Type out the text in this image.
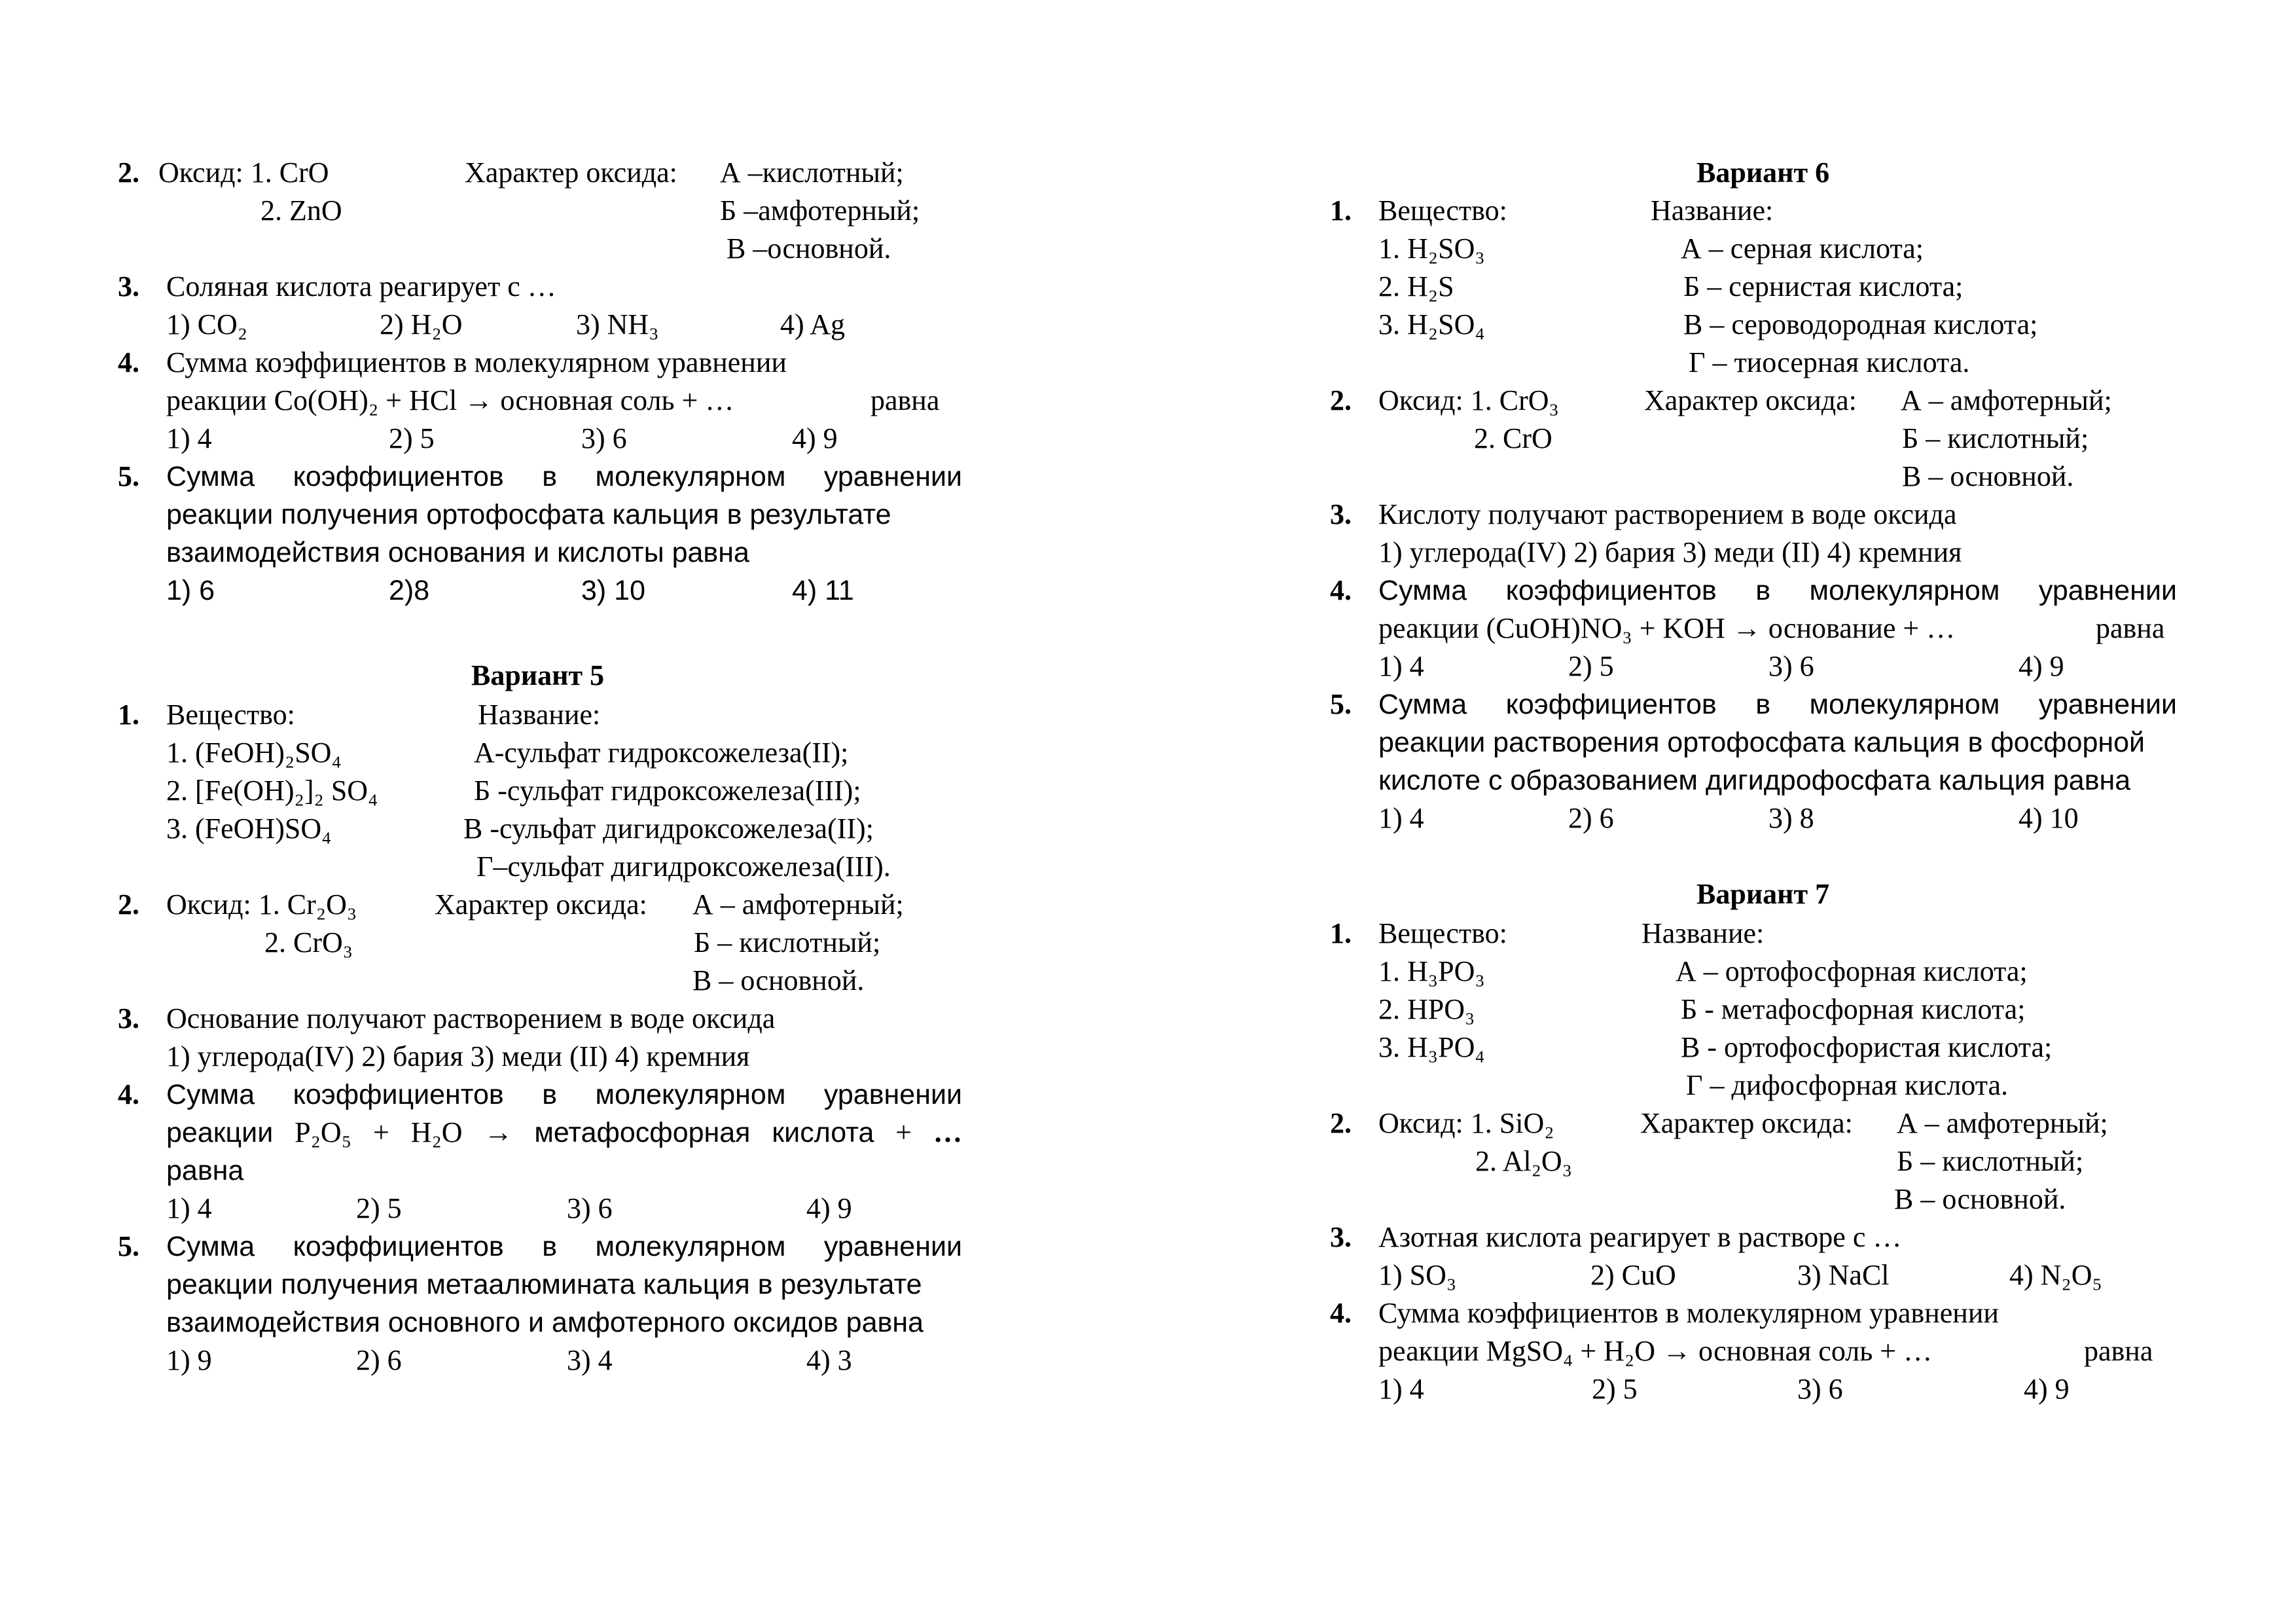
2. Оксид: 1. CrO	Характер оксида: А –кислотный;
2. ZnO	Б –амфотерный;
В –основной.
3. Соляная кислота реагирует с …
1) CO₂	2) H₂O	3) NH₃	4) Ag
4. Сумма коэффициентов в молекулярном уравнении
реакции Co(OH)₂ + HCl → основная соль + …	равна
1) 4	2) 5	3) 6	4) 9
5. Сумма коэффициентов в молекулярном уравнении
реакции получения ортофосфата кальция в результате
взаимодействия основания и кислоты равна
1) 6	2)8	3) 10	4) 11
Вариант 5
1. Вещество:	Название:
1. (FeOH)₂SO₄	А-сульфат гидроксожелеза(II);
2. [Fe(OH)₂]₂ SO₄	Б -сульфат гидроксожелеза(III);
3. (FeOH)SO₄	В -сульфат дигидроксожелеза(II);
Г–сульфат дигидроксожелеза(III).
2. Оксид: 1. Cr₂O₃	Характер оксида: А – амфотерный;
2. CrO₃	Б – кислотный;
В – основной.
3. Основание получают растворением в воде оксида
1) углерода(IV) 2) бария 3) меди (II) 4) кремния
4. Сумма коэффициентов в молекулярном уравнении
реакции P₂O₅ + H₂O → метафосфорная кислота + …
равна
1) 4	2) 5	3) 6	4) 9
5. Сумма коэффициентов в молекулярном уравнении
реакции получения метаалюмината кальция в результате
взаимодействия основного и амфотерного оксидов равна
1) 9	2) 6	3) 4	4) 3
Вариант 6
1. Вещество:	Название:
1. H₂SO₃	А – серная кислота;
2. H₂S	Б – сернистая кислота;
3. H₂SO₄	В – сероводородная кислота;
Г – тиосерная кислота.
2. Оксид: 1. CrO₃	Характер оксида: А – амфотерный;
2. CrO	Б – кислотный;
В – основной.
3. Кислоту получают растворением в воде оксида
1) углерода(IV) 2) бария 3) меди (II) 4) кремния
4. Сумма коэффициентов в молекулярном уравнении
реакции (CuOH)NO₃ + KOH → основание + …	равна
1) 4	2) 5	3) 6	4) 9
5. Сумма коэффициентов в молекулярном уравнении
реакции растворения ортофосфата кальция в фосфорной
кислоте с образованием дигидрофосфата кальция равна
1) 4	2) 6	3) 8	4) 10
Вариант 7
1. Вещество:	Название:
1. H₃PO₃	А – ортофосфорная кислота;
2. HPO₃	Б - метафосфорная кислота;
3. H₃PO₄	В - ортофосфористая кислота;
Г – дифосфорная кислота.
2. Оксид: 1. SiO₂	Характер оксида: А – амфотерный;
2. Al₂O₃	Б – кислотный;
В – основной.
3. Азотная кислота реагирует в растворе с …
1) SO₃	2) CuO	3) NaCl	4) N₂O₅
4. Сумма коэффициентов в молекулярном уравнении
реакции MgSO₄ + H₂O → основная соль + …	равна
1) 4	2) 5	3) 6	4) 9
